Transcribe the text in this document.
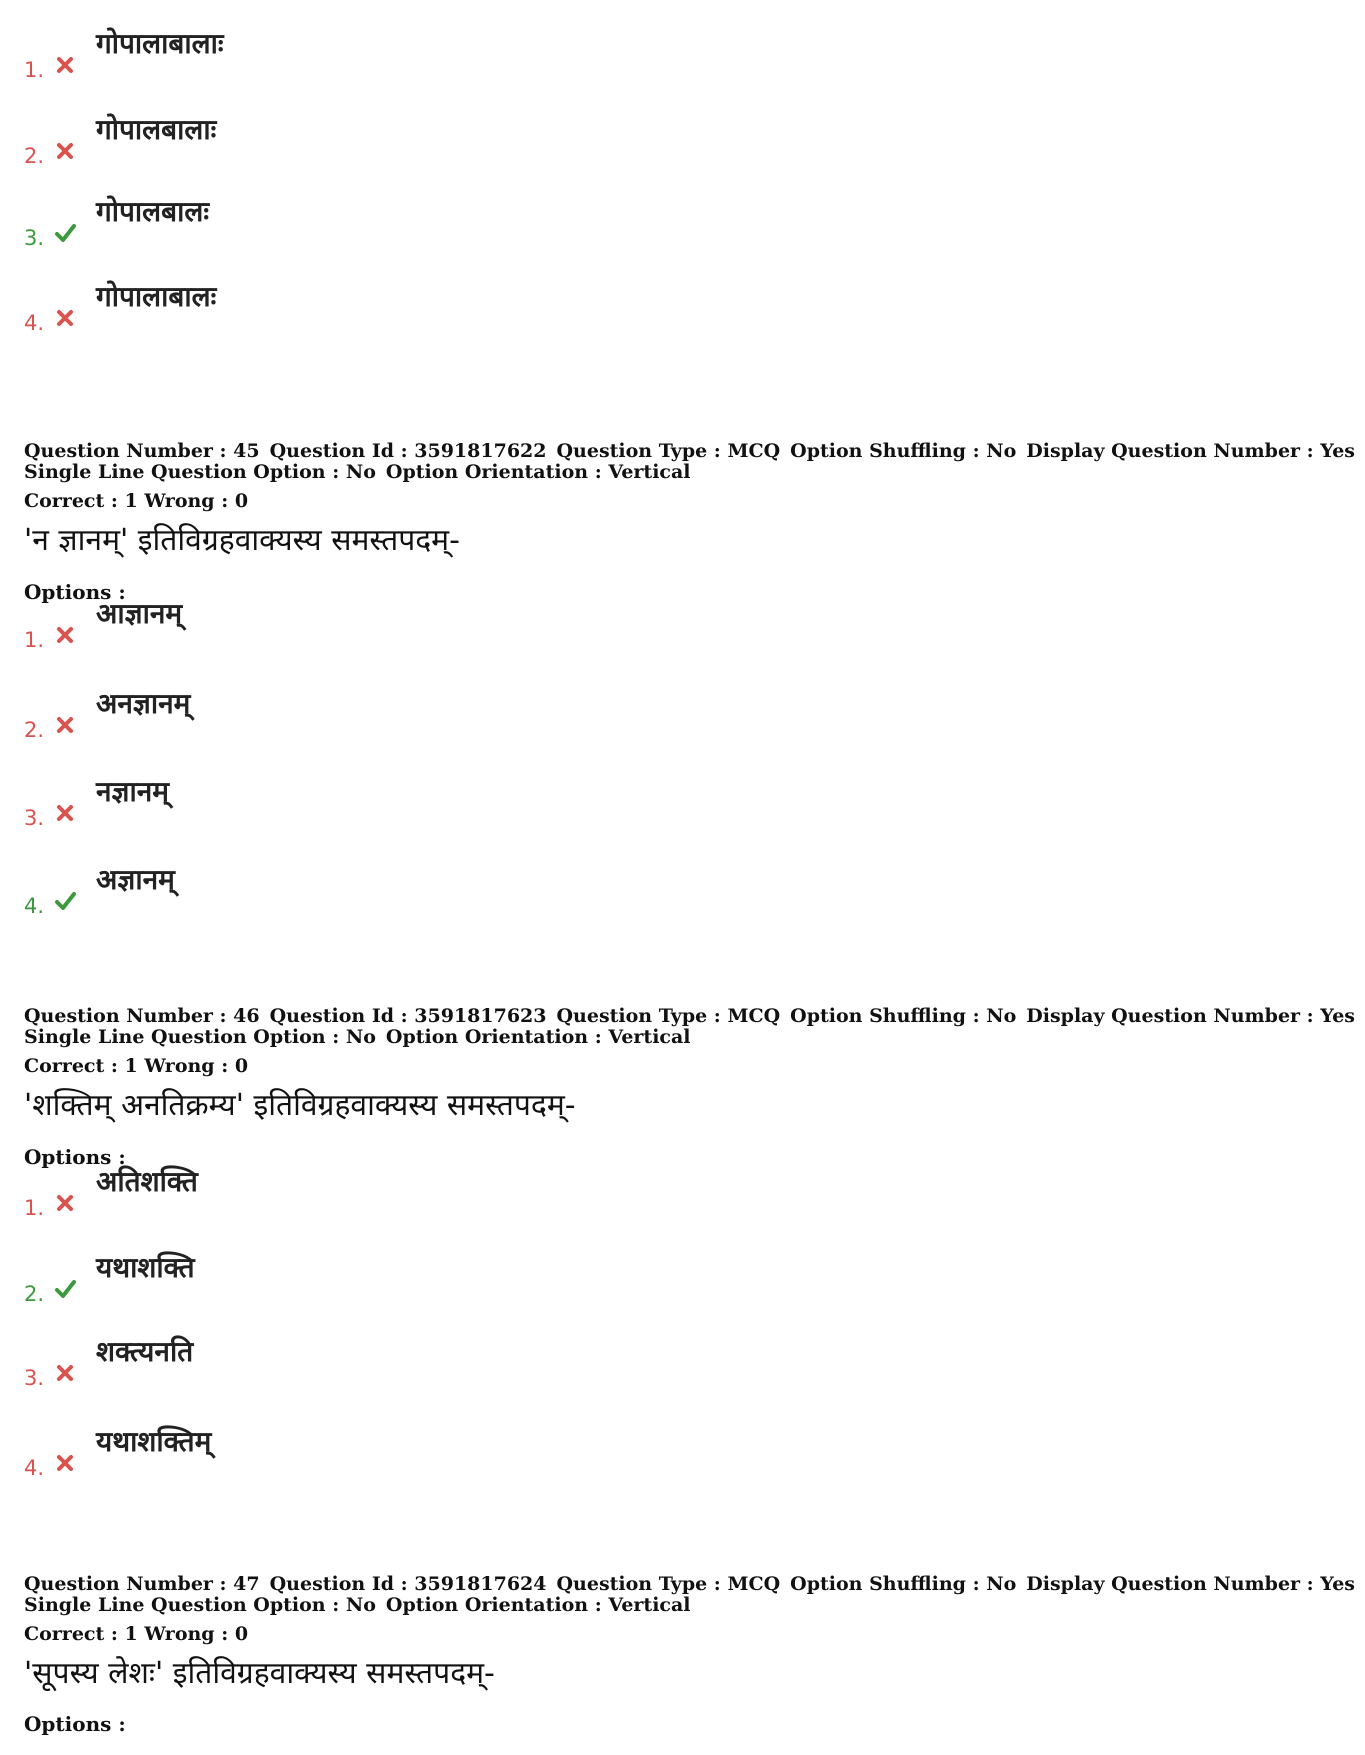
1.
गोपालाबालाः
2.
गोपालबालाः
3.
गोपालबालः
4.
गोपालाबालः
Question Number : 45 Question Id : 3591817622 Question Type : MCQ Option Shuffling : No Display Question Number : Yes
Single Line Question Option : No Option Orientation : Vertical
Correct : 1 Wrong : 0
'न ज्ञानम्' इतिविग्रहवाक्यस्य समस्तपदम्-
Options :
1.
आज्ञानम्
2.
अनज्ञानम्
3.
नज्ञानम्
4.
अज्ञानम्
Question Number : 46 Question Id : 3591817623 Question Type : MCQ Option Shuffling : No Display Question Number : Yes
Single Line Question Option : No Option Orientation : Vertical
Correct : 1 Wrong : 0
'शक्तिम् अनतिक्रम्य' इतिविग्रहवाक्यस्य समस्तपदम्-
Options :
1.
अतिशक्ति
2.
यथाशक्ति
3.
शक्त्यनति
4.
यथाशक्तिम्
Question Number : 47 Question Id : 3591817624 Question Type : MCQ Option Shuffling : No Display Question Number : Yes
Single Line Question Option : No Option Orientation : Vertical
Correct : 1 Wrong : 0
'सूपस्य लेशः' इतिविग्रहवाक्यस्य समस्तपदम्-
Options :
